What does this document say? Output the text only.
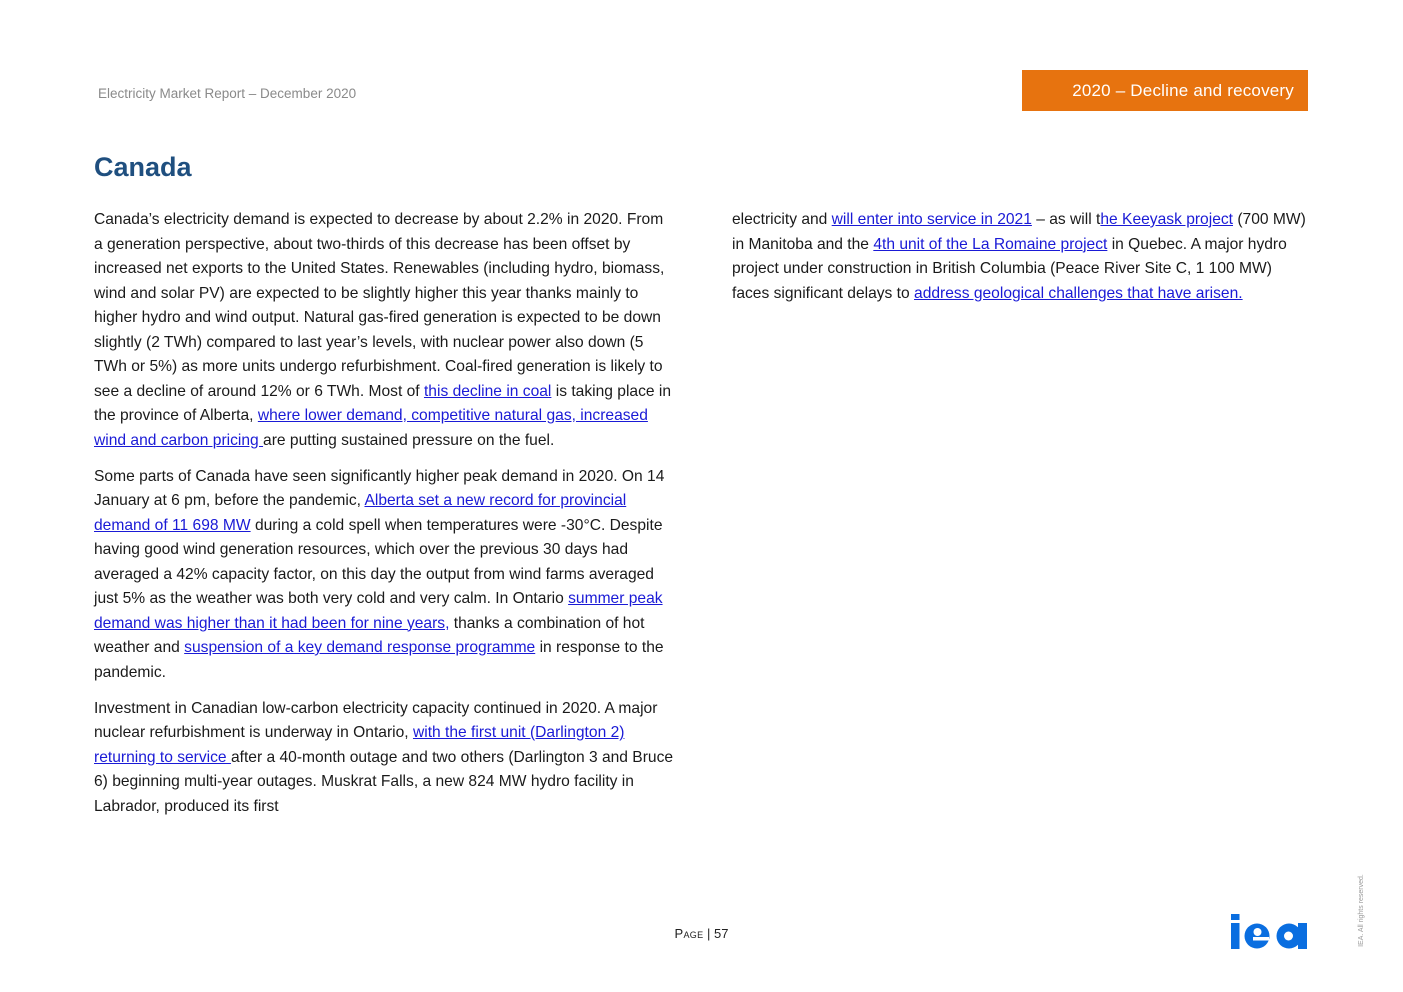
Electricity Market Report – December 2020	2020 – Decline and recovery
Canada

Canada’s electricity demand is expected to decrease by about 2.2% in 2020. From a generation perspective, about two-thirds of this decrease has been offset by increased net exports to the United States. Renewables (including hydro, biomass, wind and solar PV) are expected to be slightly higher this year thanks mainly to higher hydro and wind output. Natural gas-fired generation is expected to be down slightly (2 TWh) compared to last year’s levels, with nuclear power also down (5 TWh or 5%) as more units undergo refurbishment. Coal-fired generation is likely to see a decline of around 12% or 6 TWh. Most of this decline in coal is taking place in the province of Alberta, where lower demand, competitive natural gas, increased wind and carbon pricing are putting sustained pressure on the fuel.

Some parts of Canada have seen significantly higher peak demand in 2020. On 14 January at 6 pm, before the pandemic, Alberta set a new record for provincial demand of 11 698 MW during a cold spell when temperatures were -30°C. Despite having good wind generation resources, which over the previous 30 days had averaged a 42% capacity factor, on this day the output from wind farms averaged just 5% as the weather was both very cold and very calm. In Ontario summer peak demand was higher than it had been for nine years, thanks a combination of hot weather and suspension of a key demand response programme in response to the pandemic.

Investment in Canadian low-carbon electricity capacity continued in 2020. A major nuclear refurbishment is underway in Ontario, with the first unit (Darlington 2) returning to service after a 40-month outage and two others (Darlington 3 and Bruce 6) beginning multi-year outages. Muskrat Falls, a new 824 MW hydro facility in Labrador, produced its first

electricity and will enter into service in 2021 – as will the Keeyask project (700 MW) in Manitoba and the 4th unit of the La Romaine project in Quebec. A major hydro project under construction in British Columbia (Peace River Site C, 1 100 MW) faces significant delays to address geological challenges that have arisen.

Page | 57	IEA. All rights reserved.
iea
